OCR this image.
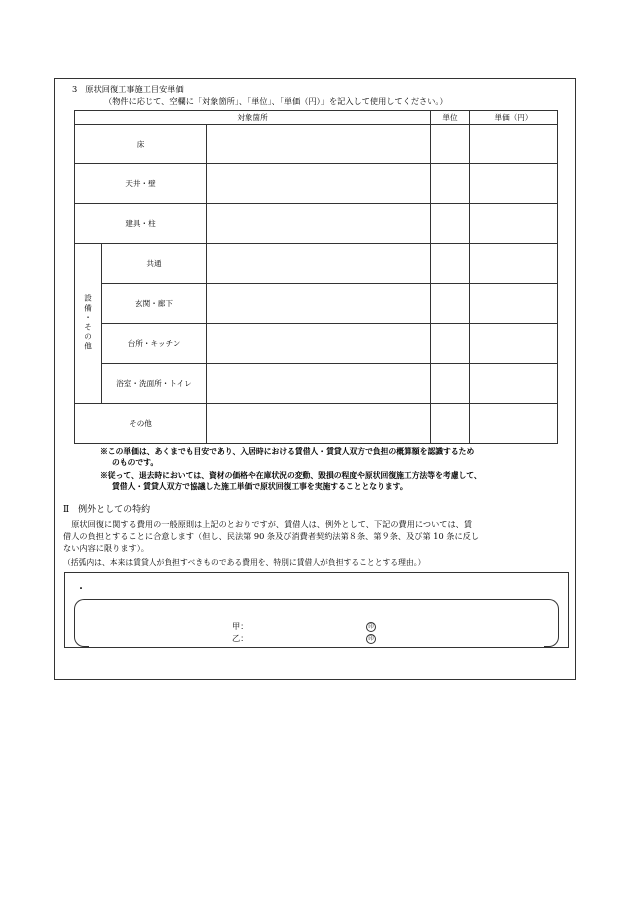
3　原状回復工事施工目安単価
（物件に応じて、空欄に「対象箇所」、「単位」、「単価（円）」を記入して使用してください。）
対象箇所			単位	単価（円）
床				
天井・壁				
建具・柱				
設備・その他	共通			
	玄関・廊下			
	台所・キッチン			
	浴室・洗面所・トイレ			
その他				
※この単価は、あくまでも目安であり、入居時における賃借人・賃貸人双方で負担の概算額を認識するため
のものです。
※従って、退去時においては、資材の価格や在庫状況の変動、毀損の程度や原状回復施工方法等を考慮して、
賃借人・賃貸人双方で協議した施工単価で原状回復工事を実施することとなります。
Ⅱ　例外としての特約
　原状回復に関する費用の一般原則は上記のとおりですが、賃借人は、例外として、下記の費用については、賃
借人の負担とすることに合意します（但し、民法第 90 条及び消費者契約法第８条、第９条、及び第 10 条に反し
ない内容に限ります）。
（括弧内は、本来は賃貸人が負担すべきものである費用を、特別に賃借人が負担することとする理由。）
・
甲：	印
乙：	印
